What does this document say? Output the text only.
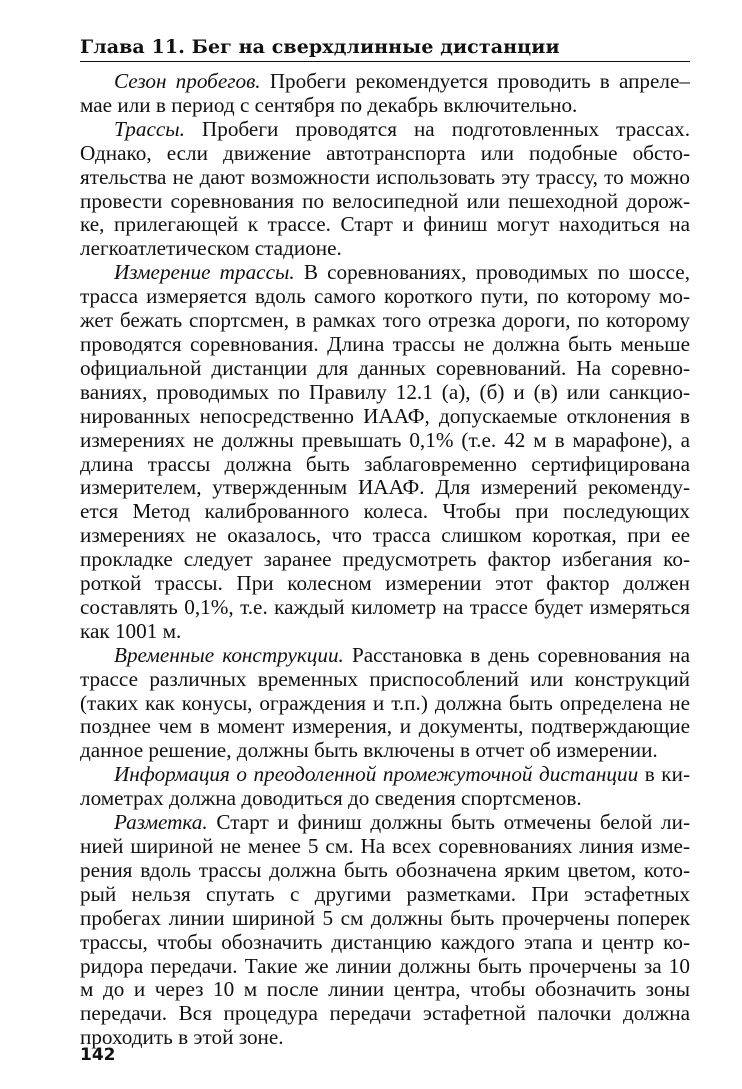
Глава 11. Бег на сверхдлинные дистанции

Сезон пробегов. Пробеги рекомендуется проводить в апреле–мае или в период с сентября по декабрь включительно.

Трассы. Пробеги проводятся на подготовленных трассах. Однако, если движение автотранспорта или подобные обстоятельства не дают возможности использовать эту трассу, то можно провести соревнования по велосипедной или пешеходной дорожке, прилегающей к трассе. Старт и финиш могут находиться на легкоатлетическом стадионе.

Измерение трассы. В соревнованиях, проводимых по шоссе, трасса измеряется вдоль самого короткого пути, по которому может бежать спортсмен, в рамках того отрезка дороги, по которому проводятся соревнования. Длина трассы не должна быть меньше официальной дистанции для данных соревнований. На соревнованиях, проводимых по Правилу 12.1 (а), (б) и (в) или санкционированных непосредственно ИААФ, допускаемые отклонения в измерениях не должны превышать 0,1% (т.е. 42 м в марафоне), а длина трассы должна быть заблаговременно сертифицирована измерителем, утвержденным ИААФ. Для измерений рекомендуется Метод калиброванного колеса. Чтобы при последующих измерениях не оказалось, что трасса слишком короткая, при ее прокладке следует заранее предусмотреть фактор избегания короткой трассы. При колесном измерении этот фактор должен составлять 0,1%, т.е. каждый километр на трассе будет измеряться как 1001 м.

Временные конструкции. Расстановка в день соревнования на трассе различных временных приспособлений или конструкций (таких как конусы, ограждения и т.п.) должна быть определена не позднее чем в момент измерения, и документы, подтверждающие данное решение, должны быть включены в отчет об измерении.

Информация о преодоленной промежуточной дистанции в километрах должна доводиться до сведения спортсменов.

Разметка. Старт и финиш должны быть отмечены белой линией шириной не менее 5 см. На всех соревнованиях линия измерения вдоль трассы должна быть обозначена ярким цветом, который нельзя спутать с другими разметками. При эстафетных пробегах линии шириной 5 см должны быть прочерчены поперек трассы, чтобы обозначить дистанцию каждого этапа и центр коридора передачи. Такие же линии должны быть прочерчены за 10 м до и через 10 м после линии центра, чтобы обозначить зоны передачи. Вся процедура передачи эстафетной палочки должна проходить в этой зоне.

142
